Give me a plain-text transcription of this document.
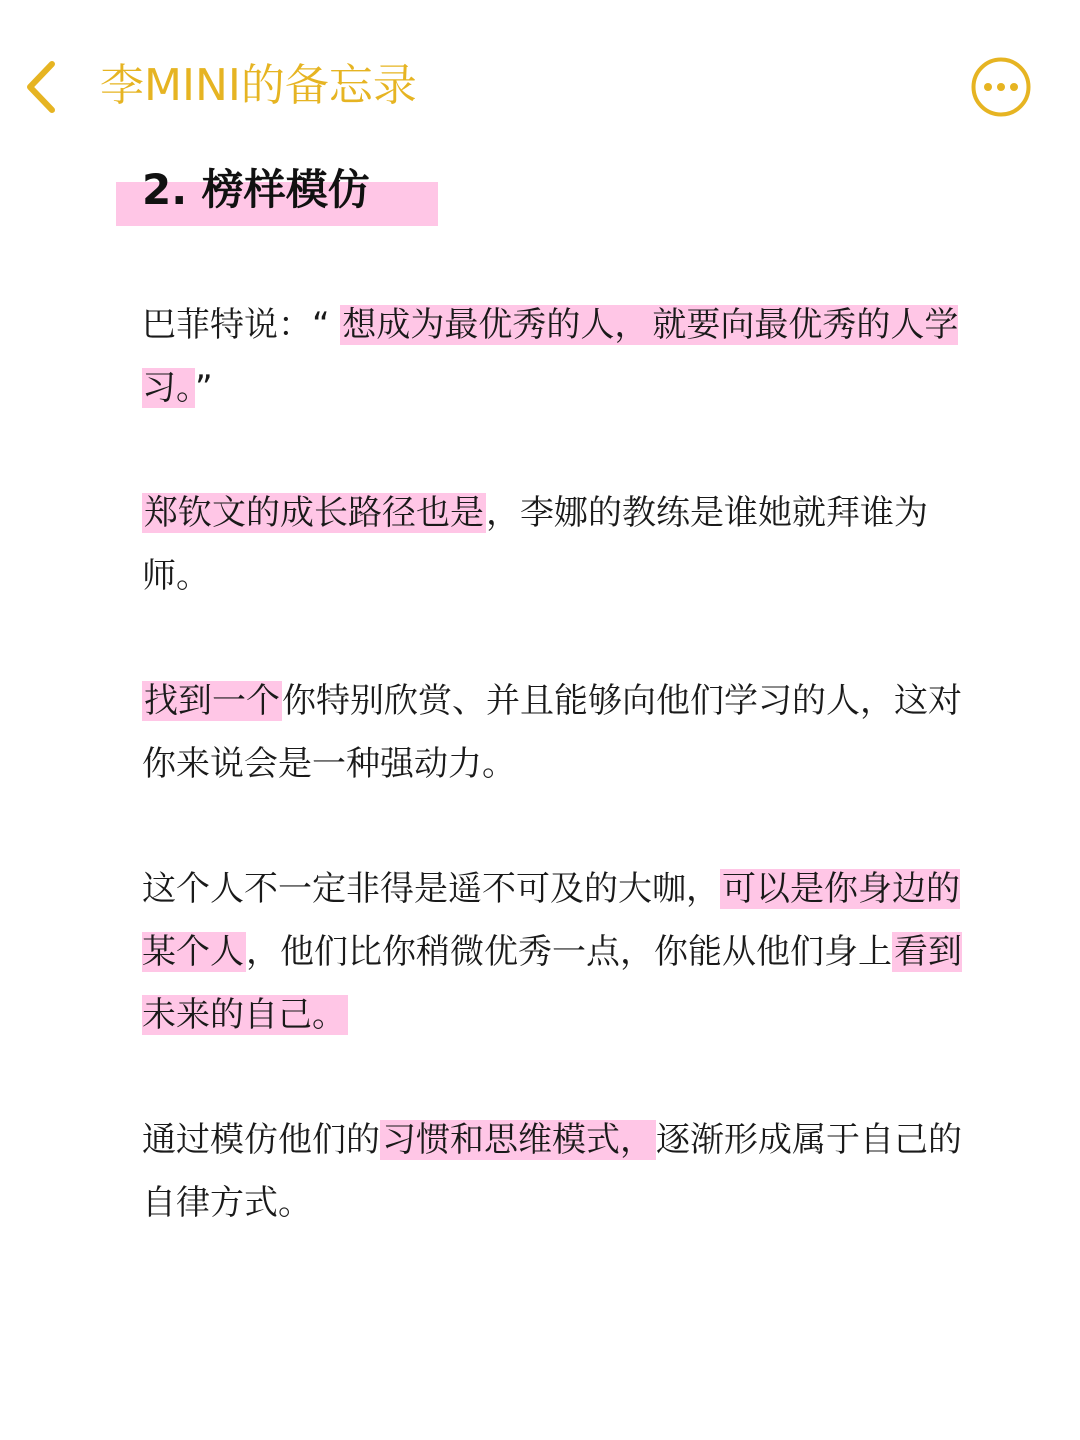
李MINI的备忘录
2. 榜样模仿

巴菲特说：“ 想成为最优秀的人， 就要向最优秀的人学习。”

郑钦文的成长路径也是，李娜的教练是谁她就拜谁为师。

找到一个你特别欣赏、并且能够向他们学习的人，这对你来说会是一种强动力。

这个人不一定非得是遥不可及的大咖，可以是你身边的某个人，他们比你稍微优秀一点，你能从他们身上看到未来的自己。

通过模仿他们的习惯和思维模式，逐渐形成属于自己的自律方式。
